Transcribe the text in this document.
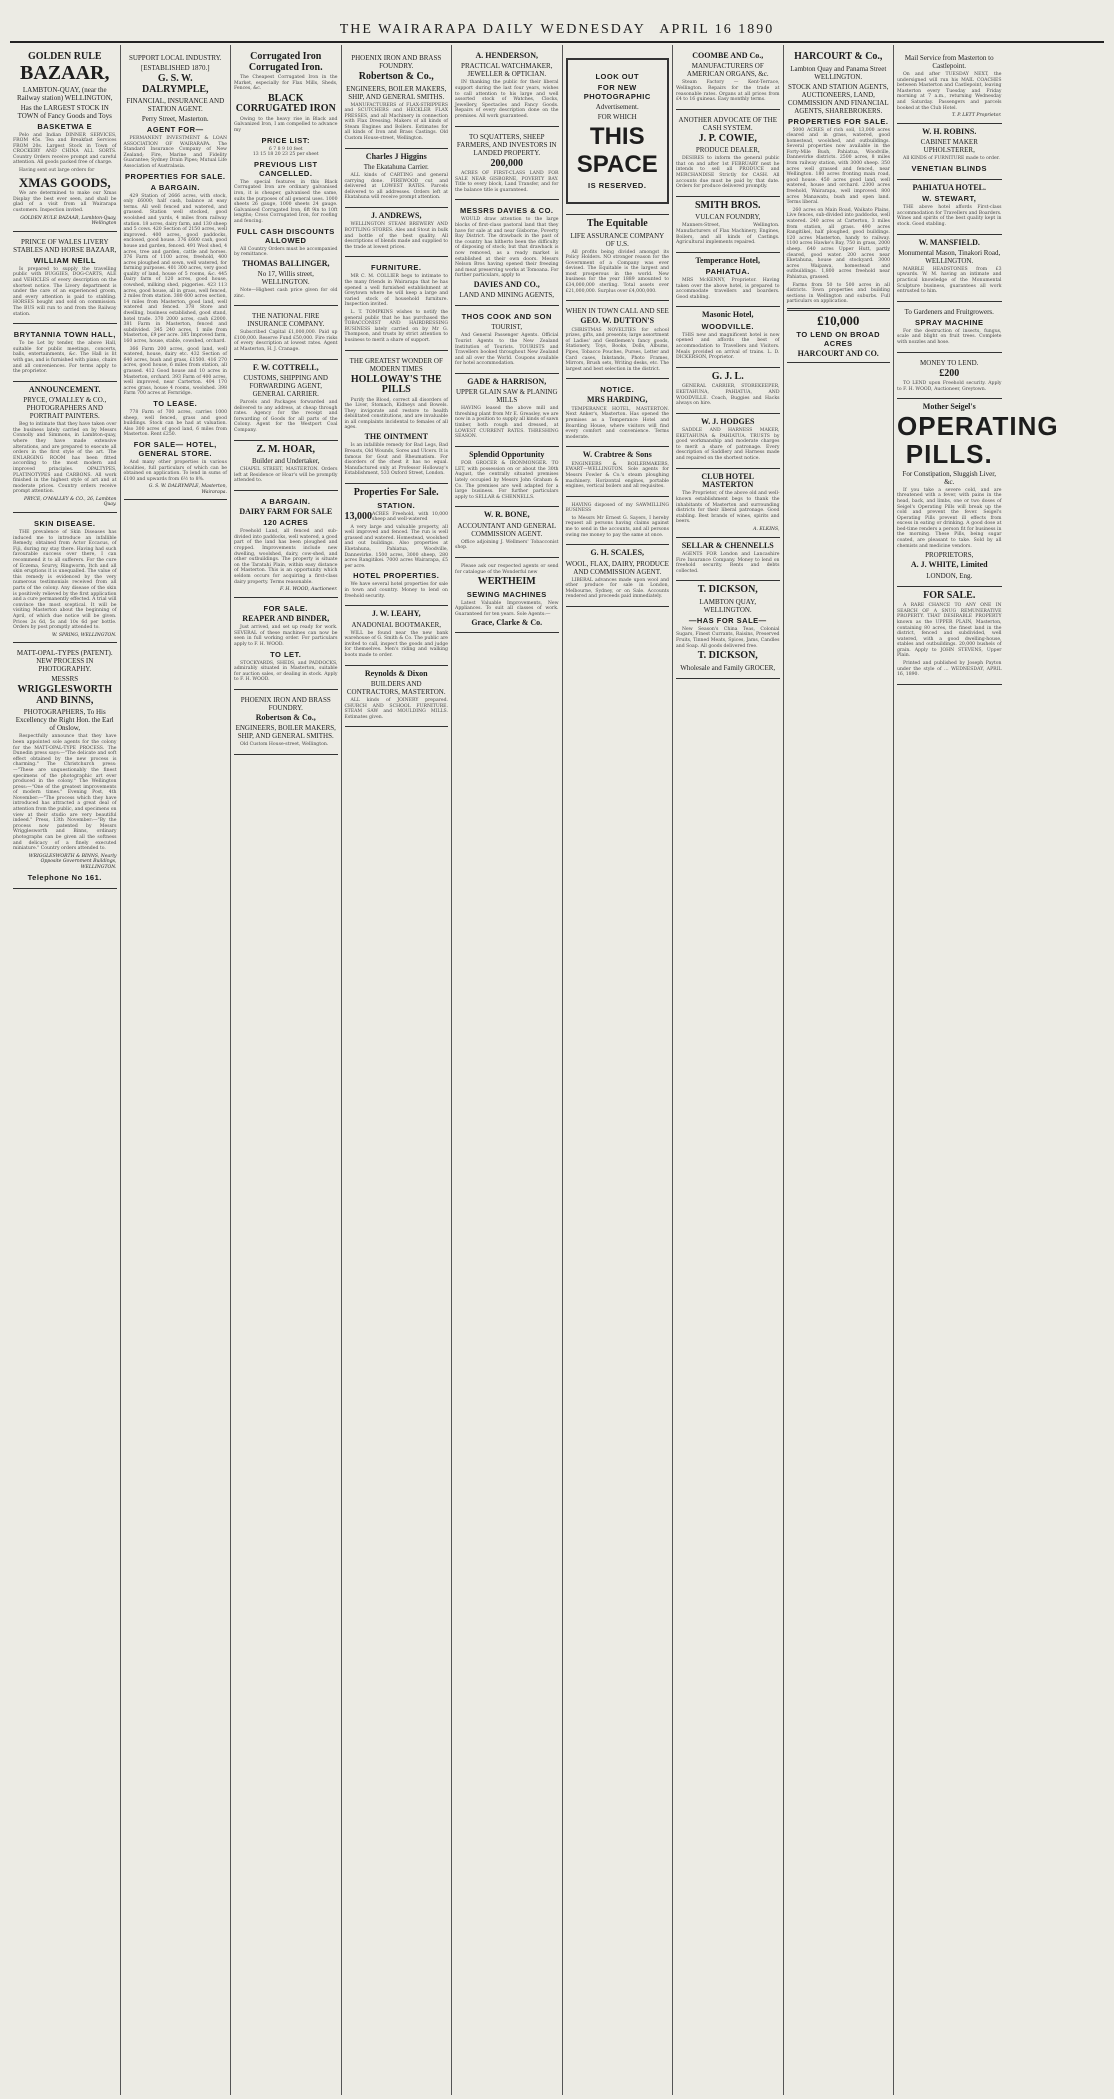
THE WAIRARAPA DAILY
WEDNESDAY
APRIL 16 1890
GOLDEN RULE
BAZAAR,
LAMBTON-QUAY, (near the Railway station) WELLINGTON,
Has the LARGEST STOCK IN TOWN of Fancy Goods and Toys
BASKETWA E
Pelo and Indian DINNER SERVICES, FROM 45s. Tea and Breakfast Services FROM 20s. Largest Stock in Town of CROCKERY AND CHINA ALL SORTS. Country Orders receive prompt and careful attention. All goods packed free of charge.
Having sent out large orders for
XMAS GOODS,
We are determined to make our Xmas Display the best ever seen, and shall be glad of a visit from all Wairarapa customers. Inspection invited.
GOLDEN RULE BAZAAR, Lambton-Quay, Wellington
PRINCE OF WALES LIVERY STABLES AND HORSE BAZAAR,
WILLIAM NEILL
Is prepared to supply the travelling public with BUGGIES, DOG-CARTS, ALE and VEHICLES of every description on the shortest notice. The Livery department is under the care of an experienced groom, and every attention is paid to stabling. HORSES bought and sold on commission. The BUS will run to and from the Railway station.
BRYTANNIA TOWN HALL,
To be Let by tender, the above Hall, suitable for public meetings, concerts, balls, entertainments, &c. The Hall is lit with gas, and is furnished with piano, chairs and all conveniences. For terms apply to the proprietor.
ANNOUNCEMENT.
PRYCE, O'MALLEY & CO., PHOTOGRAPHERS AND PORTRAIT PAINTERS.
Beg to intimate that they have taken over the business lately carried on by Messrs Connolly and Simmons, in Lambton-quay, where they have made extensive alterations, and are prepared to execute all orders in the first style of the art. The ENLARGING ROOM has been fitted according to the most modern and improved principles. OPALTYPES, PLATINOTYPES and CARBONS. All work finished in the highest style of art and at moderate prices. Country orders receive prompt attention.
PRYCE, O'MALLEY & CO., 26, Lambton Quay.
SKIN DISEASE.
THE prevalence of Skin Diseases has induced me to introduce an infallible Remedy, obtained from Actor Eccacus, of Fiji, during my stay there. Having had such favourable success over there, I can recommend it to all sufferers. For the cure of Eczema, Scurvy, Ringworm, Itch and all skin eruptions it is unequalled. The value of this remedy is evidenced by the very numerous testimonials received from all parts of the colony. Any disease of the skin is positively relieved by the first application and a cure permanently effected. A trial will convince the most sceptical. It will be visiting Masterton about the beginning of April, of which due notice will be given. Prices 2s 6d, 5s and 10s 6d per bottle. Orders by post promptly attended to.
W. SPRING, WELLINGTON.
MATT-OPAL-TYPES (PATENT). NEW PROCESS IN PHOTOGRAPHY.
MESSRS
WRIGGLESWORTH AND BINNS,
PHOTOGRAPHERS, To His Excellency the Right Hon. the Earl of Onslow,
Respectfully announce that they have been appointed sole agents for the colony for the MATT-OPAL-TYPE PROCESS. The Dunedin press says:—"The delicate and soft effect obtained by the new process is charming." The Christchurch press:—"These are unquestionably the finest specimens of the photographic art ever produced in the colony." The Wellington press:—"One of the greatest improvements of modern times." Evening Post, 4th November:—"The process which they have introduced has attracted a great deal of attention from the public, and specimens on view at their studio are very beautiful indeed." Press, 13th November:—"By the process now patented by Messrs Wrigglesworth and Binns, ordinary photographs can be given all the softness and delicacy of a finely executed miniature." Country orders attended to.
WRIGGLESWORTH & BINNS, Nearly Opposite Government Buildings, WELLINGTON.
Telephone No 161.
SUPPORT LOCAL INDUSTRY.
[ESTABLISHED 1870.]
G. S. W. DALRYMPLE,
FINANCIAL, INSURANCE AND STATION AGENT.
Perry Street, Masterton.
AGENT FOR—
PERMANENT INVESTMENT & LOAN ASSOCIATION OF WAIRARAPA. The Standard Insurance Company of New Zealand; Fire, Marine and Fidelity Guarantee; Sydney Drain Pipes; Mutual Life Association of Australasia.
PROPERTIES FOR SALE.
A BARGAIN.
429 Station of 2666 acres, with stock, only £6000; half cash, balance at easy terms. All well fenced and watered, and grassed. Station well stocked, good woolshed and yards, 4 miles from railway station. 18 acres, dairy farm, and 130 sheep and 5 cows. 420 Section of 2150 acres, well improved. 400 acres, good paddocks, enclosed, good house. 376 £600 cash, good house and garden, fenced. 491 Wool shed, 4 acres, tree and garden, cattle and horses. 376 Farm of 1100 acres, freehold, 400 acres ploughed and sown, well watered, for farming purposes. 401 300 acres, very good quality of land, house of 5 rooms, &c. 445 Dairy farm of 120 acres, good house, cowshed, milking shed, piggeries. 423 113 acres, good house, all in grass, well fenced, 2 miles from station. 380 600 acres section, 14 miles from Masterton, good land, well watered and fenced. 378 Store and dwelling, business established, good stand, hotel trade. 370 2000 acres, cash £2000. 381 Farm in Masterton, fenced and subdivided. 345 240 acres, 1 mile from Masterton, £9 per acre. 385 Improved farm, 160 acres, house, stable, cowshed, orchard.
366 Farm 200 acres, good land, well watered, house, dairy etc. 432 Section of 640 acres, bush and grass, £1500. 416 270 acres, good house, 6 miles from station, all grassed. 412 Good house and 10 acres in Masterton, orchard. 393 Farm of 400 acres, well improved, near Carterton. 404 170 acres grass, house 4 rooms, woolshed. 398 Farm 700 acres at Fernridge.
TO LEASE.
778 Farm of 700 acres, carries 1000 sheep, well fenced, grass and good buildings. Stock can be had at valuation. Also 300 acres of good land, 6 miles from Masterton. Rent £250.
FOR SALE— HOTEL, GENERAL STORE.
And many other properties in various localities, full particulars of which can be obtained on application. To lend in sums of £100 and upwards from 6½ to 8%.
G. S. W. DALRYMPLE, Masterton, Wairarapa.
Corrugated Iron Corrugated Iron.
The Cheapest Corrugated Iron in the Market, especially for Flax Mills, Sheds, Fences, &c.
BLACK CORRUGATED IRON
Owing to the heavy rise in Black and Galvanized Iron, I am compelled to advance my
PRICE LIST:
6 7 8 9 10 feet
13 15 18 20 23 25 per sheet
PREVIOUS LIST CANCELLED.
The special features in this Black Corrugated Iron are ordinary galvanised iron, it is cheaper, galvanised the same, suits the purposes of all general uses. 1000 sheets 26 gauge, 1000 sheets 24 gauge. Galvanised Corrugated Iron, 6ft 9in to 10ft lengths; Cross Corrugated Iron, for roofing and fencing.
FULL CASH DISCOUNTS ALLOWED
All Country Orders must be accompanied by remittance.
THOMAS BALLINGER,
No 17, Willis street, WELLINGTON.
Note—Highest cash price given for old zinc.
THE NATIONAL FIRE INSURANCE COMPANY.
Subscribed Capital £1,000,000. Paid up £100,000. Reserve Fund £50,000. Fire risks of every description at lowest rates. Agent at Masterton, H. J. Cranage.
F. W. COTTRELL,
CUSTOMS, SHIPPING AND FORWARDING AGENT, GENERAL CARRIER.
Parcels and Packages forwarded and delivered to any address, at cheap through rates. Agency for the receipt and forwarding of Goods for all parts of the Colony. Agent for the Westport Coal Company.
Z. M. HOAR,
Builder and Undertaker,
CHAPEL STREET, MASTERTON. Orders left at Residence or Hoar's will be promptly attended to.
A BARGAIN.
DAIRY FARM FOR SALE
120 ACRES
Freehold Land, all fenced and sub-divided into paddocks, well watered, a good part of the land has been ploughed and cropped. Improvements include new dwelling, woolshed, dairy, cow-shed, and other outbuildings. The property is situate on the Taratahi Plain, within easy distance of Masterton. This is an opportunity which seldom occurs for acquiring a first-class dairy property. Terms reasonable.
F. H. WOOD, Auctioneer.
FOR SALE.
REAPER AND BINDER,
Just arrived, and set up ready for work. SEVERAL of these machines can now be seen in full working order. For particulars apply to F. H. WOOD.
TO LET.
STOCKYARDS, SHEDS, and PADDOCKS, admirably situated in Masterton, suitable for auction sales, or dealing in stock. Apply to F. H. WOOD.
PHOENIX IRON AND BRASS FOUNDRY.
Robertson & Co.,
ENGINEERS, BOILER MAKERS, SHIP, AND GENERAL SMITHS.
Old Custom House-street, Wellington.
PHOENIX IRON AND BRASS FOUNDRY.
Robertson & Co.,
ENGINEERS, BOILER MAKERS, SHIP, AND GENERAL SMITHS.
MANUFACTURERS of FLAX-STRIPPERS and SCUTCHERS and HECKLER FLAX PRESSES, and all Machinery in connection with Flax Dressing. Makers of all kinds of Steam Engines and Boilers. Estimates for all kinds of Iron and Brass Castings. Old Custom House-street, Wellington.
Charles J Higgins
The Ekatahuna Carrier.
ALL kinds of CARTING and general carrying done. FIREWOOD cut and delivered at LOWEST RATES. Parcels delivered to all addresses. Orders left at Ekatahuna will receive prompt attention.
J. ANDREWS,
WELLINGTON STEAM BREWERY AND BOTTLING STORES. Ales and Stout in bulk and bottle of the best quality. All descriptions of blends made and supplied to the trade at lowest prices.
FURNITURE.
MR C. M. COLLIER begs to intimate to the many friends in Wairarapa that he has opened a well furnished establishment at Greytown where he will keep a large and varied stock of household furniture. Inspection invited.
L. T. TOMPKINS wishes to notify the general public that he has purchased the TOBACCONIST AND HAIRDRESSING BUSINESS lately carried on by Mr G. Thompson, and trusts by strict attention to business to merit a share of support.
THE GREATEST WONDER OF MODERN TIMES
HOLLOWAY'S THE PILLS
Purify the Blood, correct all disorders of the Liver, Stomach, Kidneys and Bowels. They invigorate and restore to health debilitated constitutions, and are invaluable in all complaints incidental to females of all ages.
THE OINTMENT
Is an infallible remedy for Bad Legs, Bad Breasts, Old Wounds, Sores and Ulcers. It is famous for Gout and Rheumatism. For disorders of the chest it has no equal. Manufactured only at Professor Holloway's Establishment, 533 Oxford Street, London.
Properties For Sale.
STATION.
13,000 ACRES Freehold, with 10,000 sheep and well-watered
A very large and valuable property, all well improved and fenced. The run is well grassed and watered. Homestead, woolshed and out buildings. Also properties at Eketahuna, Pahiatua, Woodville, Dannevirke. 1500 acres, 3000 sheep, 280 acres Rangitikei. 7000 acres Wairarapa, £5 per acre.
HOTEL PROPERTIES.
We have several hotel properties for sale in town and country. Money to lend on freehold security.
J. W. LEAHY,
ANADONIAL BOOTMAKER,
WILL be found near the new bank warehouse of G. Smith & Co. The public are invited to call, inspect the goods and judge for themselves. Men's riding and walking boots made to order.
Reynolds & Dixon
BUILDERS AND CONTRACTORS, MASTERTON.
ALL kinds of JOINERY prepared. CHURCH AND SCHOOL FURNITURE. STEAM SAW and MOULDING MILLS. Estimates given.
A. HENDERSON,
PRACTICAL WATCHMAKER, JEWELLER & OPTICIAN.
IN thanking the public for their liberal support during the last four years, wishes to call attention to his large and well assorted stock of Watches, Clocks, Jewellery, Spectacles and Fancy Goods. Repairs of every description done on the premises. All work guaranteed.
TO SQUATTERS, SHEEP FARMERS, AND INVESTORS IN LANDED PROPERTY.
200,000
ACRES OF FIRST-CLASS LAND FOR SALE NEAR GISBORNE, POVERTY BAY. Title to every block, Land Transfer, and for the balance title is guaranteed.
MESSRS DAVIES & CO.
WOULD draw attention to the large blocks of first-class pastoral land that they have for sale at and near Gisborne, Poverty Bay District. The drawback in the past of the country has hitherto been the difficulty of disposing of stock; but that drawback is now removed, as a ready market is established at their own doors. Messrs Nelson Bros having opened their freezing and meat preserving works at Tomoana. For further particulars, apply to
DAVIES AND CO.,
LAND AND MINING AGENTS,
THOS COOK AND SON
TOURIST,
And General Passenger Agents. Official Tourist Agents to the New Zealand Institution of Tourists. TOURISTS and Travellers booked throughout New Zealand and all over the World. Coupons available for hotel accommodation.
GADE & HARRISON,
UPPER GLAIN SAW & PLANING MILLS
HAVING leased the above mill and threshing plant from Mr E. Greasley, we are now in a position to supply all kinds of sawn timber, both rough and dressed, at LOWEST CURRENT RATES. THRESHING SEASON.
Splendid Opportunity
FOR GROCER & IRONMONGER. TO LET, with possession on or about the 30th August, the centrally situated premises lately occupied by Messrs John Graham & Co. The premises are well adapted for a large business. For further particulars apply to SELLAR & CHENNELLS.
W. R. BONE,
ACCOUNTANT AND GENERAL COMMISSION AGENT.
Office adjoining J. Wellmers' Tobacconist shop.
Please ask our respected agents or send for catalogue of the Wonderful new
WERTHEIM
SEWING MACHINES
Latest Valuable Improvements, New Appliances. To suit all classes of work. Guaranteed for ten years. Sole Agents:—
Grace, Clarke & Co.
LOOK OUT
FOR NEW PHOTOGRAPHIC
Advertisement.
FOR WHICH
THIS SPACE
IS RESERVED.
The Equitable
LIFE ASSURANCE COMPANY OF U.S.
All profits being divided amongst its Policy Holders. NO stronger reason for the Government of a Company was ever devised. The Equitable is the largest and most prosperous in the world. New business for the year 1889 amounted to £34,000,000 sterling. Total assets over £21,000,000. Surplus over £4,000,000.
WHEN IN TOWN CALL AND SEE
GEO. W. DUTTON'S
CHRISTMAS NOVELTIES for school prizes, gifts, and presents; large assortment of Ladies' and Gentlemen's fancy goods, Stationery, Toys, Books, Dolls, Albums, Pipes, Tobacco Pouches, Purses, Letter and Card cases, Inkstands, Photo Frames, Mirrors, Brush sets, Writing desks, etc. The largest and best selection in the district.
NOTICE.
MRS HARDING,
TEMPERANCE HOTEL, MASTERTON. Next Anker's, Masterton. Has opened the premises as a Temperance Hotel and Boarding House, where visitors will find every comfort and convenience. Terms moderate.
W. Crabtree & Sons
ENGINEERS & BOILERMAKERS, EWART—WELLINGTON. Sole agents for Messrs Fowler & Co.'s steam ploughing machinery. Horizontal engines, portable engines, vertical boilers and all requisites.
HAVING disposed of my SAWMILLING BUSINESS
to Messrs Mr Ernest G. Sayers, I hereby request all persons having claims against me to send in the accounts, and all persons owing me money to pay the same at once.
G. H. SCALES,
WOOL, FLAX, DAIRY, PRODUCE AND COMMISSION AGENT.
LIBERAL advances made upon wool and other produce for sale in London, Melbourne, Sydney, or on Sale. Accounts rendered and proceeds paid immediately.
COOMBE AND Co.,
MANUFACTURERS OF AMERICAN ORGANS, &c.
Steam Factory — Kent-Terrace, Wellington. Repairs for the trade at reasonable rates. Organs at all prices from £4 to 16 guineas. Easy monthly terms.
ANOTHER ADVOCATE OF THE CASH SYSTEM.
J. P. COWIE,
PRODUCE DEALER,
DESIRES to inform the general public that on and after 1st FEBRUARY next he intends to sell all PRODUCE and MERCHANDISE Strictly for CASH. All accounts due must be paid by that date. Orders for produce delivered promptly.
SMITH BROS.
VULCAN FOUNDRY,
Manners-Street, Wellington. Manufacturers of Flax Machinery, Engines, Boilers, and all kinds of Castings. Agricultural implements repaired.
Temperance Hotel,
PAHIATUA.
MRS McKENNY, Proprietor. Having taken over the above hotel, is prepared to accommodate travellers and boarders. Good stabling.
Masonic Hotel,
WOODVILLE.
THIS new and magnificent hotel is now opened and affords the best of accommodation to Travellers and Visitors. Meals provided on arrival of trains. L. D. DICKERSON, Proprietor.
G. J. L.
GENERAL CARRIER, STOREKEEPER, EKETAHUNA, PAHIATUA, AND WOODVILLE. Coach, Buggies and Hacks always on hire.
W. J. HODGES
SADDLE AND HARNESS MAKER, EKETAHUNA & PAHIATUA. TRUSTS by good workmanship and moderate charges to merit a share of patronage. Every description of Saddlery and Harness made and repaired on the shortest notice.
CLUB HOTEL MASTERTON
The Proprietor, of the above old and well-known establishment begs to thank the inhabitants of Masterton and surrounding districts for their liberal patronage. Good stabling. Best brands of wines, spirits and beers.
A. ELKINS,
SELLAR & CHENNELLS
AGENTS FOR London and Lancashire Fire Insurance Company. Money to lend on freehold security. Rents and debts collected.
T. DICKSON,
LAMBTON QUAY, WELLINGTON.
—HAS FOR SALE—
New Season's China Teas, Colonial Sugars, Finest Currants, Raisins, Preserved Fruits, Tinned Meats, Spices, Jams, Candles and Soap. All goods delivered free.
T. DICKSON,
Wholesale and Family GROCER,
HARCOURT & Co.,
Lambton Quay and Panama Street WELLINGTON.
STOCK AND STATION AGENTS, AUCTIONEERS, LAND, COMMISSION AND FINANCIAL AGENTS, SHAREBROKERS.
PROPERTIES FOR SALE.
5000 ACRES of rich soil, 13,000 acres cleared and in grass, watered, good homestead, woolshed, and outbuildings. Several properties now available in the Forty-Mile Bush, Pahiatua, Woodville, Dannevirke districts. 2500 acres, 8 miles from railway station, with 3000 sheep. 350 acres well grassed and fenced, near Wellington. 180 acres fronting main road, good house. 450 acres good land, well watered, house and orchard. 2300 acres freehold, Wairarapa, well improved. 800 acres Manawatu, bush and open land. Terms liberal.
260 acres on Main Road, Waikato Plains, Live fences, sub-divided into paddocks, well watered. 240 acres at Carterton, 3 miles from station, all grass. 490 acres Rangitikei, half ploughed, good buildings. 120 acres Masterton, handy to railway. 1100 acres Hawke's Bay, 750 in grass, 2000 sheep. 640 acres Upper Hutt, partly cleared, good water. 200 acres near Eketahuna, house and stockyard. 3000 acres Waipawa, homestead and outbuildings. 1,800 acres freehold near Pahiatua, grassed.
Farms from 50 to 500 acres in all districts. Town properties and building sections in Wellington and suburbs. Full particulars on application.
£10,000
TO LEND ON BROAD ACRES
HARCOURT AND CO.
Mail Service from Masterton to Castlepoint.
On and after TUESDAY NEXT, the undersigned will run his MAIL COACHES between Masterton and Castlepoint, leaving Masterton every Tuesday and Friday morning at 7 a.m., returning Wednesday and Saturday. Passengers and parcels booked at the Club Hotel.
T. P. LETT Proprietor.
W. H. ROBINS.
CABINET MAKER UPHOLSTERER,
All KINDS of FURNITURE made to order.
VENETIAN BLINDS
PAHIATUA HOTEL.
W. STEWART,
THE above hotel affords First-class accommodation for Travellers and Boarders. Wines and spirits of the best quality kept in stock. Good stabling.
W. MANSFIELD.
Monumental Mason, Tinakori Road, WELLINGTON.
MARBLE HEADSTONES from £3 upwards. W. M. having an intimate and practical knowledge of the Monumental Sculpture business, guarantees all work entrusted to him.
To Gardeners and Fruitgrowers.
SPRAY MACHINE
For the destruction of insects, fungus, scale and blight on fruit trees. Complete with nozzles and hose.
MONEY TO LEND.
£200
TO LEND upon Freehold security. Apply to F. H. WOOD, Auctioneer, Greytown.
Mother Seigel's
OPERATING PILLS.
For Constipation, Sluggish Liver, &c.
If you take a severe cold, and are threatened with a fever, with pains in the head, back, and limbs, one or two doses of Seigel's Operating Pills will break up the cold and prevent the fever. Seigel's Operating Pills prevent ill effects from excess in eating or drinking. A good dose at bed-time renders a person fit for business in the morning. These Pills, being sugar coated, are pleasant to take. Sold by all chemists and medicine vendors.
PROPRIETORS,
A. J. WHITE, Limited
LONDON, Eng.
FOR SALE.
A RARE CHANCE TO ANY ONE IN SEARCH OF A SNUG REMUNERATIVE PROPERTY. THAT DESIRABLE PROPERTY known as the UPPER PLAIN, Masterton, containing 80 acres, the finest land in the district, fenced and subdivided, well watered, with a good dwelling-house, stables and outbuildings. 20,000 bushels of grain. Apply to JOHN STEVENS, Upper Plain.
Printed and published by Joseph Payton under the style of ... WEDNESDAY, APRIL 16, 1890.
